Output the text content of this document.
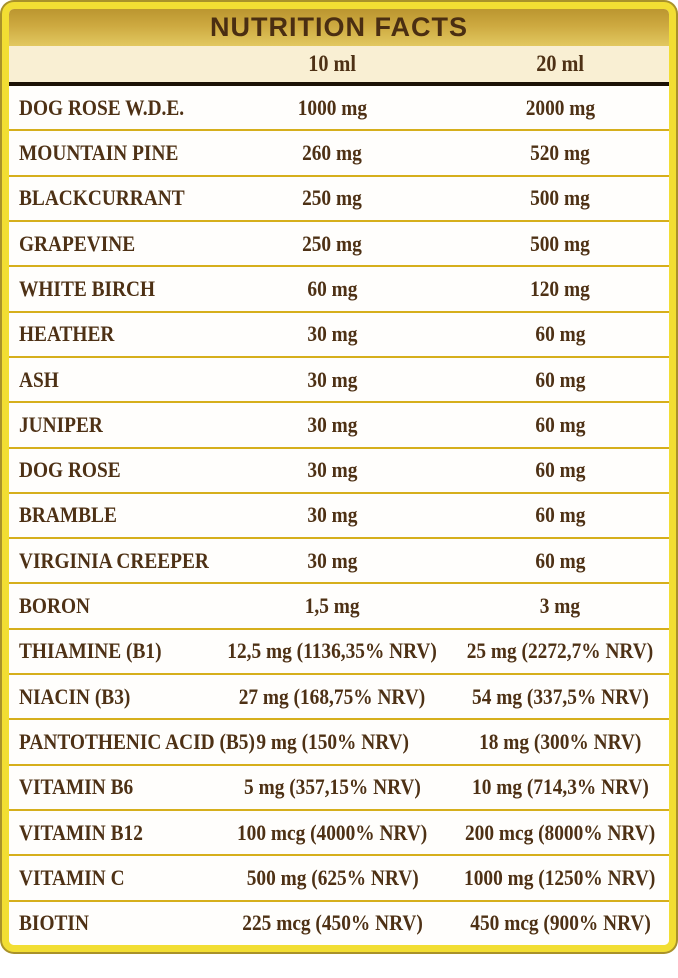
NUTRITION FACTS
10 ml	20 ml
DOG ROSE W.D.E.	1000 mg	2000 mg
MOUNTAIN PINE	260 mg	520 mg
BLACKCURRANT	250 mg	500 mg
GRAPEVINE	250 mg	500 mg
WHITE BIRCH	60 mg	120 mg
HEATHER	30 mg	60 mg
ASH	30 mg	60 mg
JUNIPER	30 mg	60 mg
DOG ROSE	30 mg	60 mg
BRAMBLE	30 mg	60 mg
VIRGINIA CREEPER	30 mg	60 mg
BORON	1,5 mg	3 mg
THIAMINE (B1)	12,5 mg (1136,35% NRV) 25 mg (2272,7% NRV)
NIACIN (B3)	27 mg (168,75% NRV) 54 mg (337,5% NRV)
PANTOTHENIC ACID (B5) 9 mg (150% NRV)	18 mg (300% NRV)
VITAMIN B6	5 mg (357,15% NRV) 10 mg (714,3% NRV)
VITAMIN B12	100 mcg (4000% NRV) 200 mcg (8000% NRV)
VITAMIN C	500 mg (625% NRV) 1000 mg (1250% NRV)
BIOTIN	225 mcg (450% NRV) 450 mcg (900% NRV)
